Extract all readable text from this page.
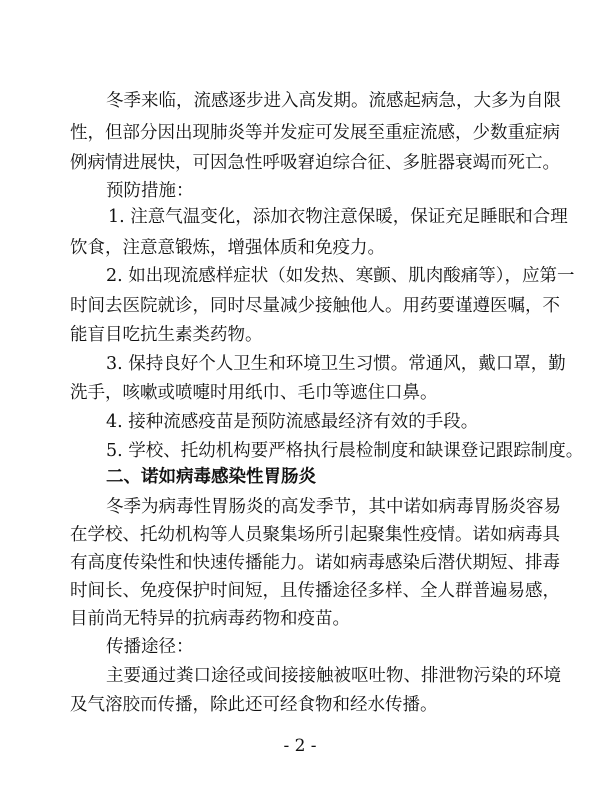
冬季来临，流感逐步进入高发期。流感起病急，大多为自限

性，但部分因出现肺炎等并发症可发展至重症流感，少数重症病

例病情进展快，可因急性呼吸窘迫综合征、多脏器衰竭而死亡。

预防措施：

1. 注意气温变化，添加衣物注意保暖，保证充足睡眠和合理

饮食，注意意锻炼，增强体质和免疫力。

2. 如出现流感样症状（如发热、寒颤、肌肉酸痛等），应第一

时间去医院就诊，同时尽量减少接触他人。用药要谨遵医嘱，不

能盲目吃抗生素类药物。

3. 保持良好个人卫生和环境卫生习惯。常通风，戴口罩，勤

洗手，咳嗽或喷嚏时用纸巾、毛巾等遮住口鼻。

4. 接种流感疫苗是预防流感最经济有效的手段。

5. 学校、托幼机构要严格执行晨检制度和缺课登记跟踪制度。

二、诺如病毒感染性胃肠炎

冬季为病毒性胃肠炎的高发季节，其中诺如病毒胃肠炎容易

在学校、托幼机构等人员聚集场所引起聚集性疫情。诺如病毒具

有高度传染性和快速传播能力。诺如病毒感染后潜伏期短、排毒

时间长、免疫保护时间短，且传播途径多样、全人群普遍易感，

目前尚无特异的抗病毒药物和疫苗。

传播途径：

主要通过粪口途径或间接接触被呕吐物、排泄物污染的环境

及气溶胶而传播，除此还可经食物和经水传播。

- 2 -
